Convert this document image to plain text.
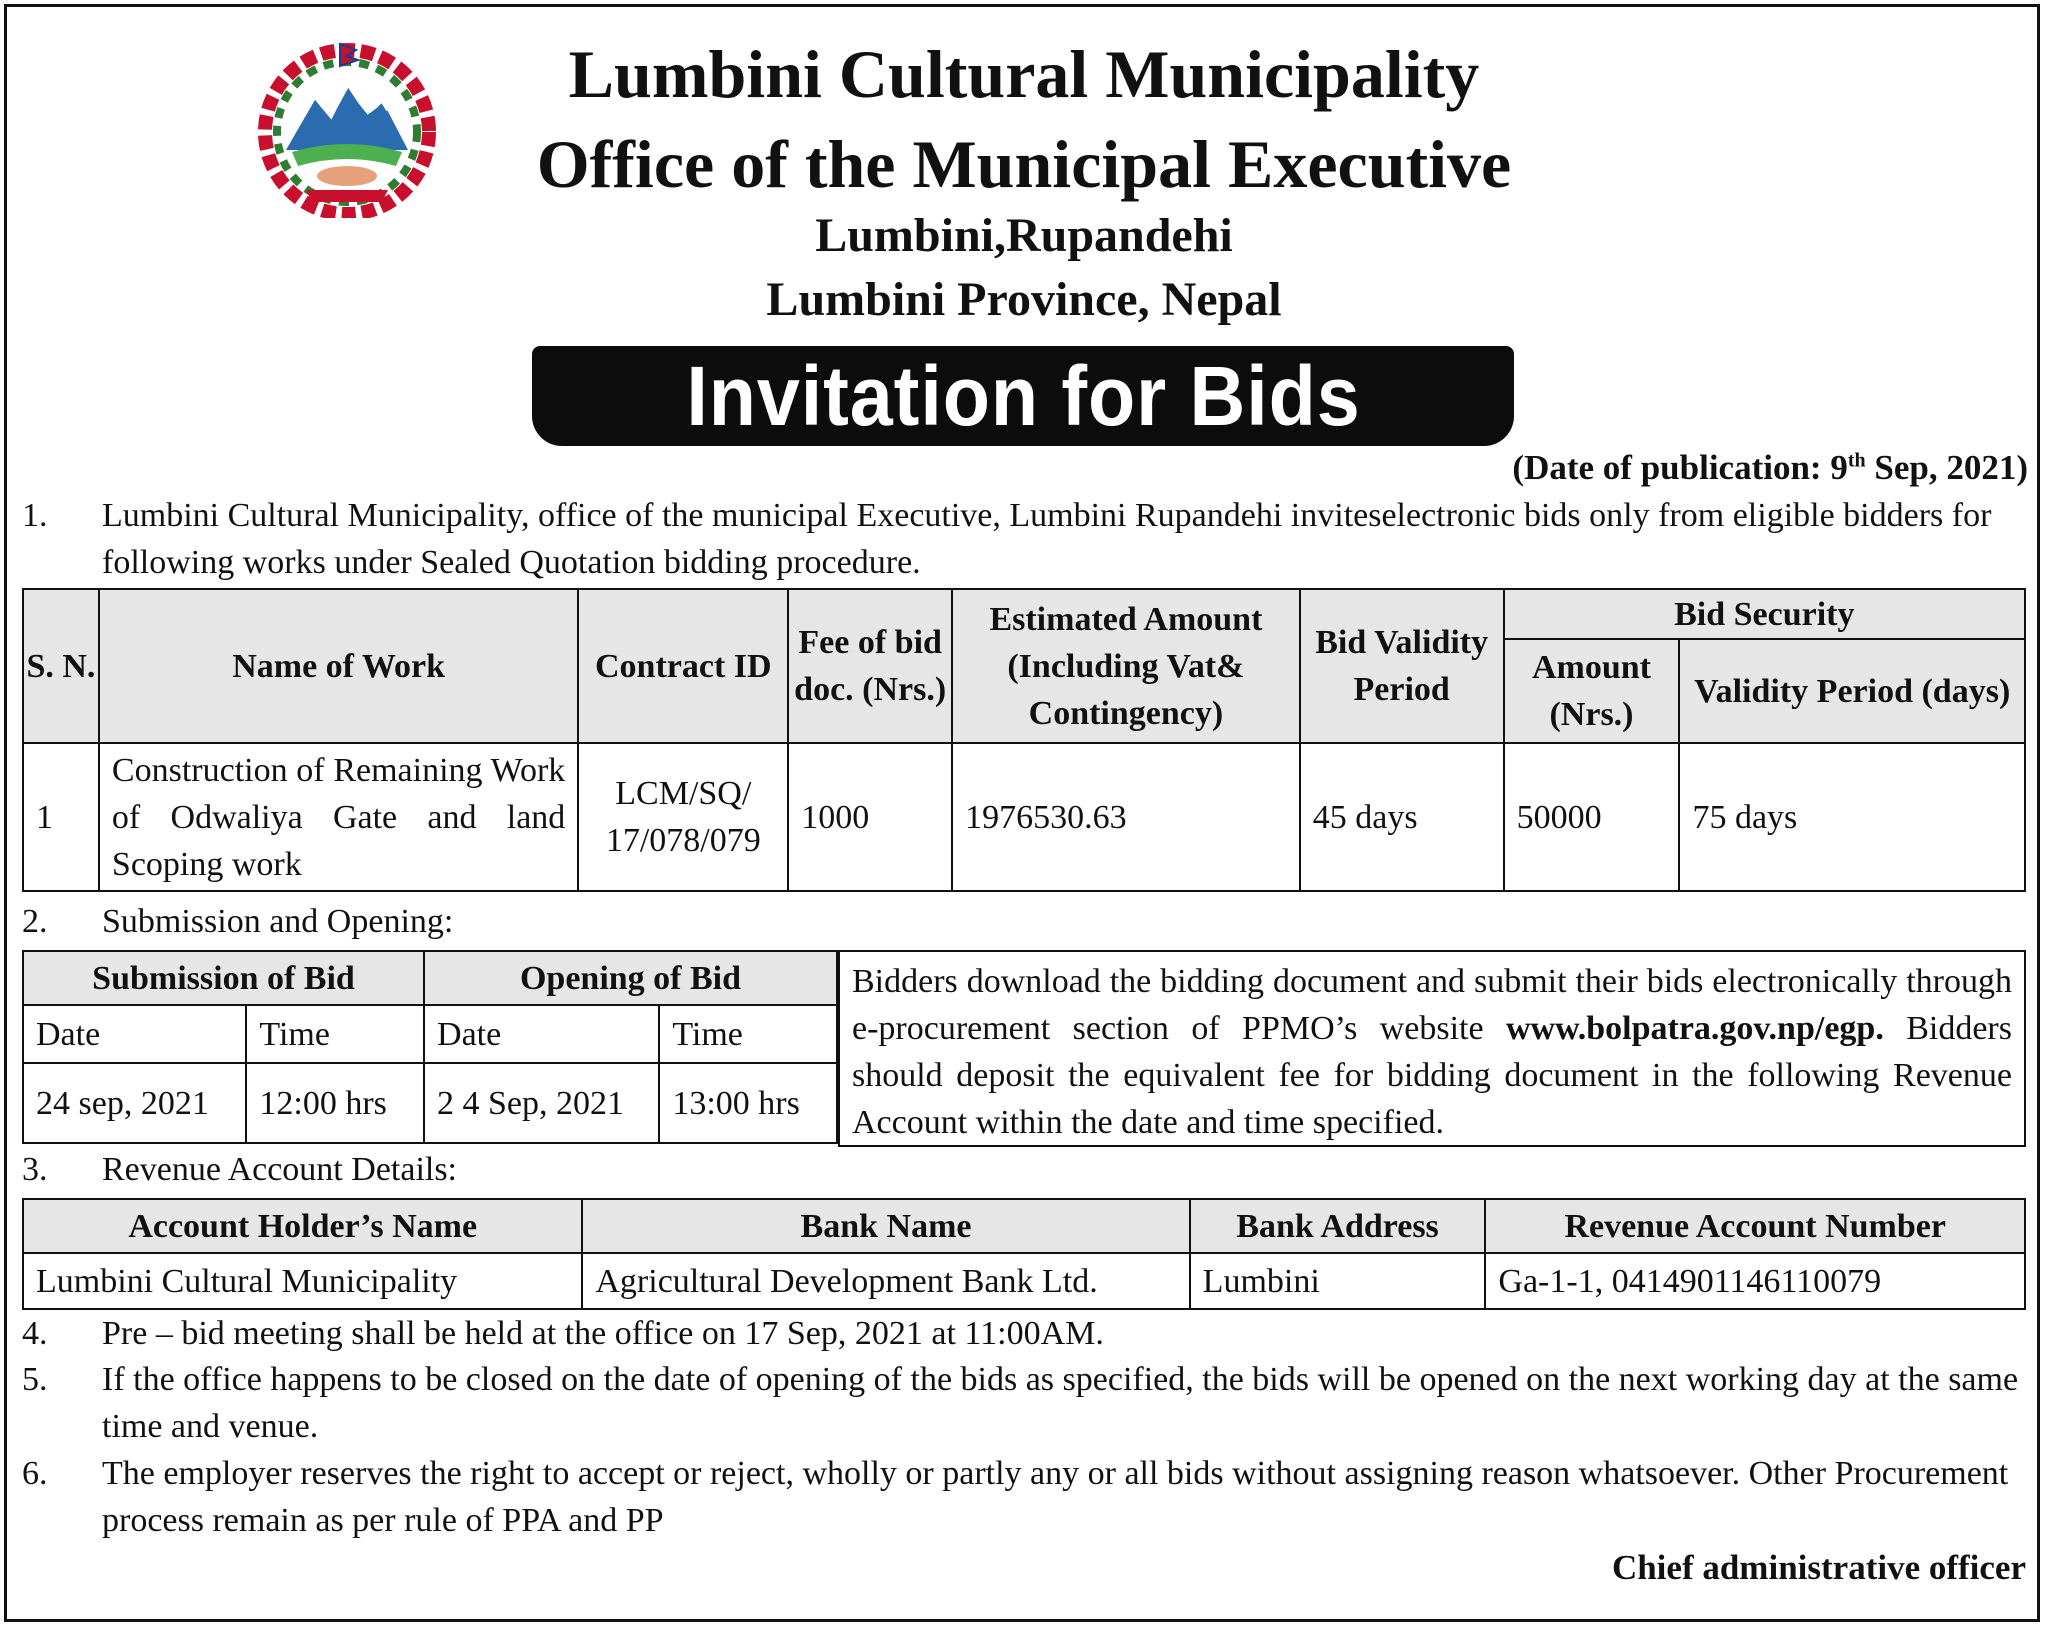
Lumbini Cultural Municipality
Office of the Municipal Executive
Lumbini,Rupandehi
Lumbini Province, Nepal
Invitation for Bids
(Date of publication: 9th Sep, 2021)
1. Lumbini Cultural Municipality, office of the municipal Executive, Lumbini Rupandehi inviteselectronic bids only from eligible bidders for following works under Sealed Quotation bidding procedure.
S. N.	Name of Work	Contract ID	Fee of bid doc. (Nrs.)	Estimated Amount (Including Vat& Contingency)	Bid Validity Period	Bid Security	
						Amount (Nrs.)	Validity Period (days)
1	Construction of Remaining Work of Odwaliya Gate and land Scoping work	LCM/SQ/ 17/078/079	1000	1976530.63	45 days	50000	75 days
2. Submission and Opening:
Submission of Bid		Opening of Bid	
Date	Time	Date	Time
24 sep, 2021	12:00 hrs	2 4 Sep, 2021	13:00 hrs
Bidders download the bidding document and submit their bids electronically through e-procurement section of PPMO’s website www.bolpatra.gov.np/egp. Bidders should deposit the equivalent fee for bidding document in the following Revenue Account within the date and time specified.
3. Revenue Account Details:
Account Holder’s Name	Bank Name	Bank Address	Revenue Account Number
Lumbini Cultural Municipality	Agricultural Development Bank Ltd.	Lumbini	Ga-1-1, 0414901146110079
4. Pre – bid meeting shall be held at the office on 17 Sep, 2021 at 11:00AM.
5. If the office happens to be closed on the date of opening of the bids as specified, the bids will be opened on the next working day at the same time and venue.
6. The employer reserves the right to accept or reject, wholly or partly any or all bids without assigning reason whatsoever. Other Procurement process remain as per rule of PPA and PP
Chief administrative officer
